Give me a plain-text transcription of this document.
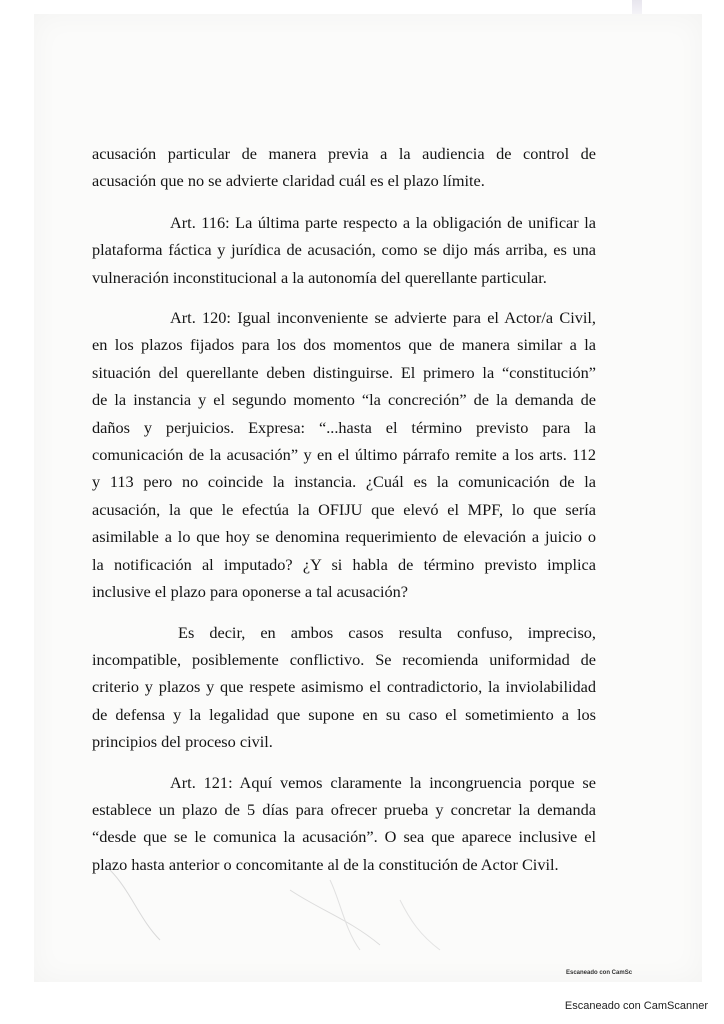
acusación particular de manera previa a la audiencia de control de
acusación que no se advierte claridad cuál es el plazo límite.

Art. 116: La última parte respecto a la obligación de unificar la
plataforma fáctica y jurídica de acusación, como se dijo más arriba, es una
vulneración inconstitucional a la autonomía del querellante particular.

Art. 120: Igual inconveniente se advierte para el Actor/a Civil,
en los plazos fijados para los dos momentos que de manera similar a la
situación del querellante deben distinguirse. El primero la “constitución”
de la instancia y el segundo momento “la concreción” de la demanda de
daños y perjuicios. Expresa: “...hasta el término previsto para la
comunicación de la acusación” y en el último párrafo remite a los arts. 112
y 113 pero no coincide la instancia. ¿Cuál es la comunicación de la
acusación, la que le efectúa la OFIJU que elevó el MPF, lo que sería
asimilable a lo que hoy se denomina requerimiento de elevación a juicio o
la notificación al imputado? ¿Y si habla de término previsto implica
inclusive el plazo para oponerse a tal acusación?

Es decir, en ambos casos resulta confuso, impreciso,
incompatible, posiblemente conflictivo. Se recomienda uniformidad de
criterio y plazos y que respete asimismo el contradictorio, la inviolabilidad
de defensa y la legalidad que supone en su caso el sometimiento a los
principios del proceso civil.

Art. 121: Aquí vemos claramente la incongruencia porque se
establece un plazo de 5 días para ofrecer prueba y concretar la demanda
“desde que se le comunica la acusación”. O sea que aparece inclusive el
plazo hasta anterior o concomitante al de la constitución de Actor Civil.

Escaneado con CamSc
Escaneado con CamScanner
